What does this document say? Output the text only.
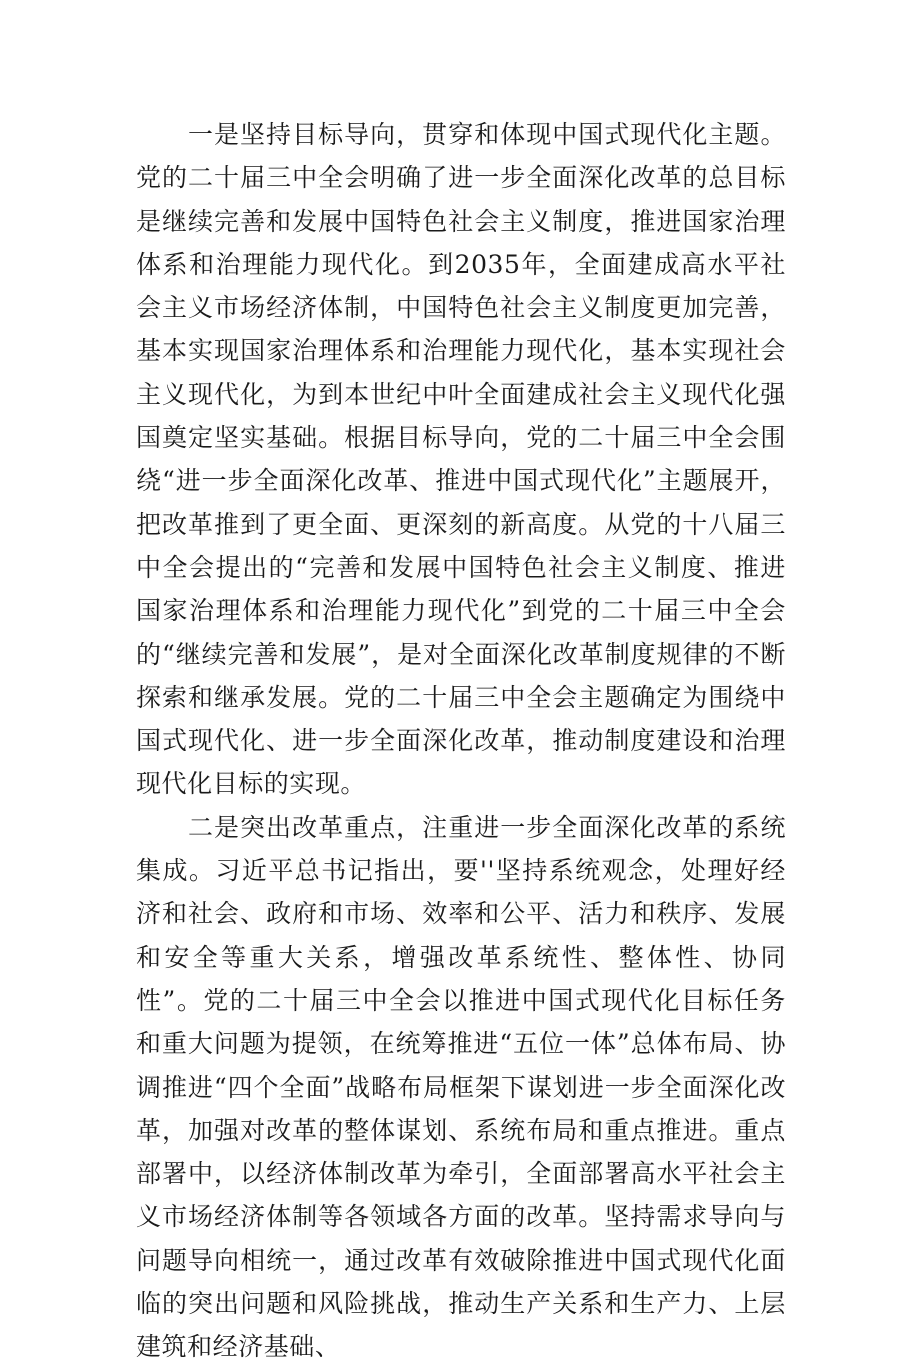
一是坚持目标导向，贯穿和体现中国式现代化主题。党的二十届三中全会明确了进一步全面深化改革的总目标是继续完善和发展中国特色社会主义制度，推进国家治理体系和治理能力现代化。到2035年，全面建成高水平社会主义市场经济体制，中国特色社会主义制度更加完善，基本实现国家治理体系和治理能力现代化，基本实现社会主义现代化，为到本世纪中叶全面建成社会主义现代化强国奠定坚实基础。根据目标导向，党的二十届三中全会围绕“进一步全面深化改革、推进中国式现代化”主题展开，把改革推到了更全面、更深刻的新高度。从党的十八届三中全会提出的“完善和发展中国特色社会主义制度、推进国家治理体系和治理能力现代化”到党的二十届三中全会的“继续完善和发展”，是对全面深化改革制度规律的不断探索和继承发展。党的二十届三中全会主题确定为围绕中国式现代化、进一步全面深化改革，推动制度建设和治理现代化目标的实现。

二是突出改革重点，注重进一步全面深化改革的系统集成。习近平总书记指出，要''坚持系统观念，处理好经济和社会、政府和市场、效率和公平、活力和秩序、发展和安全等重大关系，增强改革系统性、整体性、协同性”。党的二十届三中全会以推进中国式现代化目标任务和重大问题为提领，在统筹推进“五位一体”总体布局、协调推进“四个全面”战略布局框架下谋划进一步全面深化改革，加强对改革的整体谋划、系统布局和重点推进。重点部署中，以经济体制改革为牵引，全面部署高水平社会主义市场经济体制等各领域各方面的改革。坚持需求导向与问题导向相统一，通过改革有效破除推进中国式现代化面临的突出问题和风险挑战，推动生产关系和生产力、上层建筑和经济基础、
